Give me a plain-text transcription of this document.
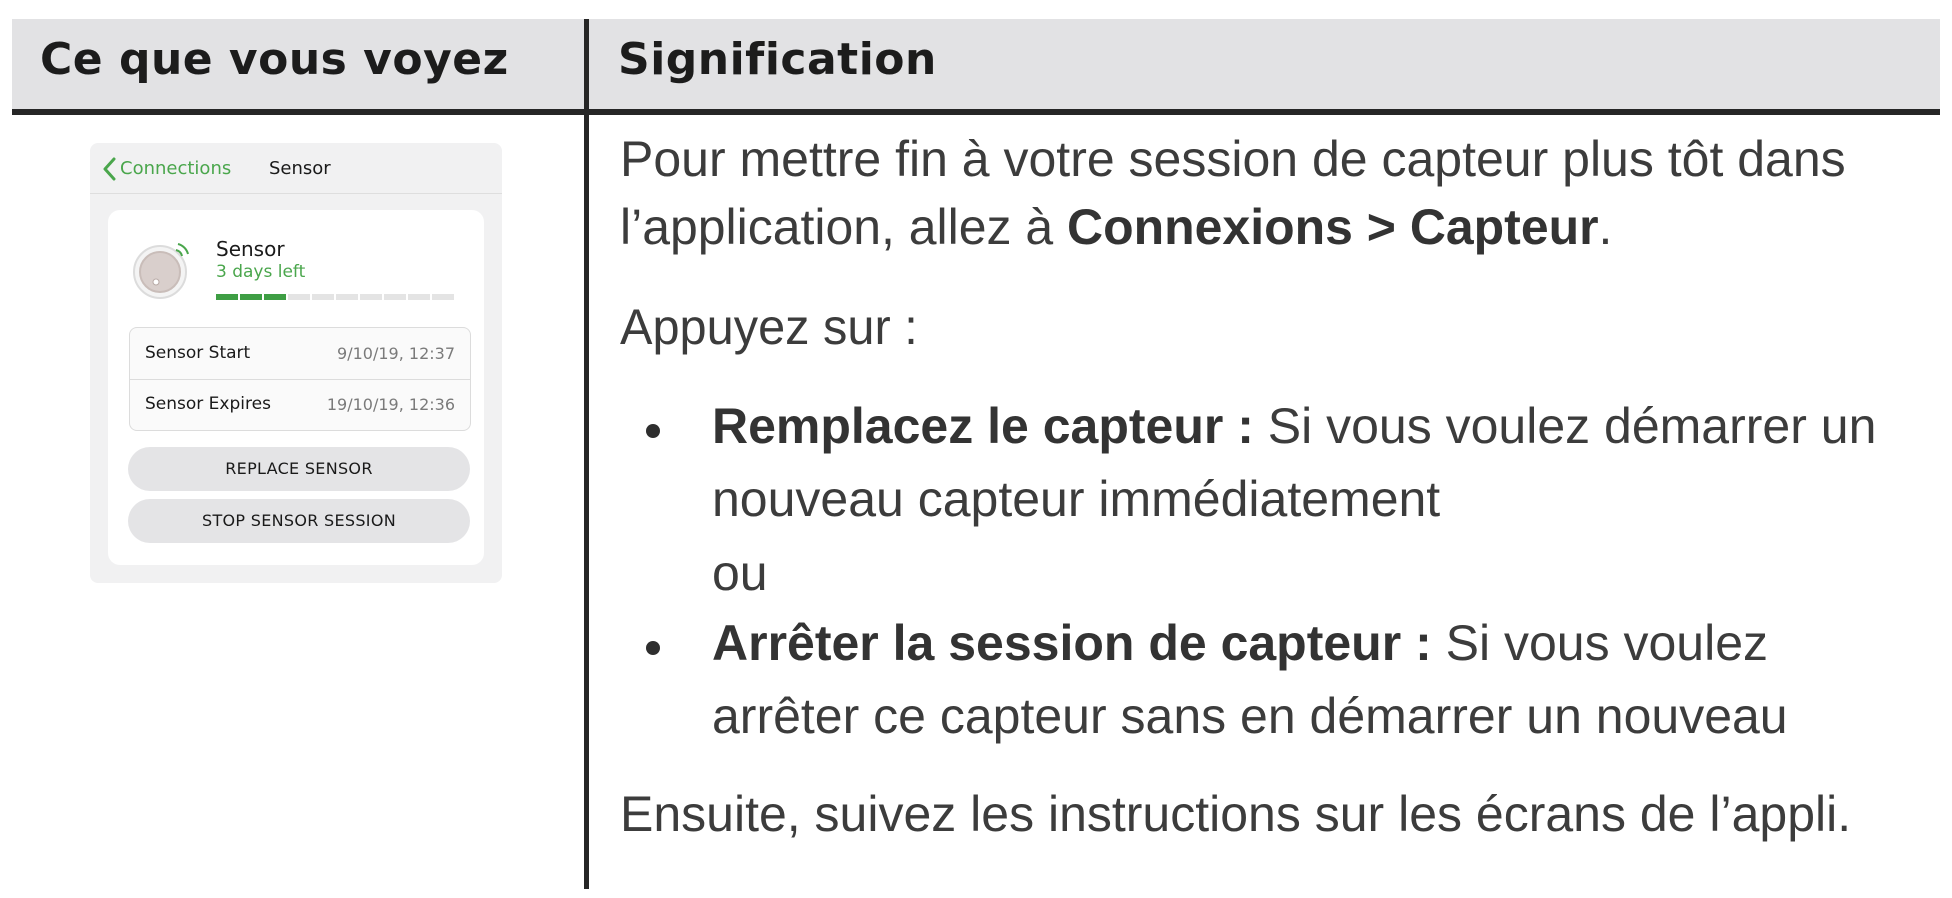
Ce que vous voyez Signification
Connections Sensor
Sensor
3 days left
Sensor Start	9/10/19, 12:37
Sensor Expires	19/10/19, 12:36
REPLACE SENSOR
STOP SENSOR SESSION
Pour mettre fin à votre session de capteur plus tôt dans
l’application, allez à Connexions > Capteur.
Appuyez sur :
Remplacez le capteur : Si vous voulez démarrer un
nouveau capteur immédiatement
ou
Arrêter la session de capteur : Si vous voulez
arrêter ce capteur sans en démarrer un nouveau
Ensuite, suivez les instructions sur les écrans de l’appli.
